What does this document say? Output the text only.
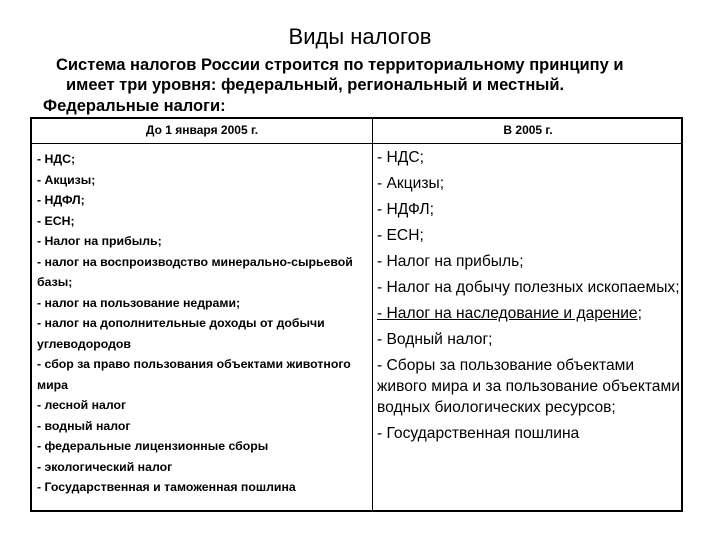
Виды налогов
Система налогов России строится по территориальному принципу и
имеет три уровня: федеральный, региональный и местный.
Федеральные налоги:
До 1 января 2005 г.	В 2005 г.
- НДС;
- Акцизы;
- НДФЛ;
- ЕСН;
- Налог на прибыль;
- налог на воспроизводство минерально-сырьевой базы;
- налог на пользование недрами;
- налог на дополнительные доходы от добычи углеводородов
- сбор за право пользования объектами животного мира
- лесной налог
- водный налог
- федеральные лицензионные сборы
- экологический налог
- Государственная и таможенная пошлина
- НДС;
- Акцизы;
- НДФЛ;
- ЕСН;
- Налог на прибыль;
- Налог на добычу полезных ископаемых;
- Налог на наследование и дарение;
- Водный налог;
- Сборы за пользование объектами живого мира и за пользование объектами водных биологических ресурсов;
- Государственная пошлина
